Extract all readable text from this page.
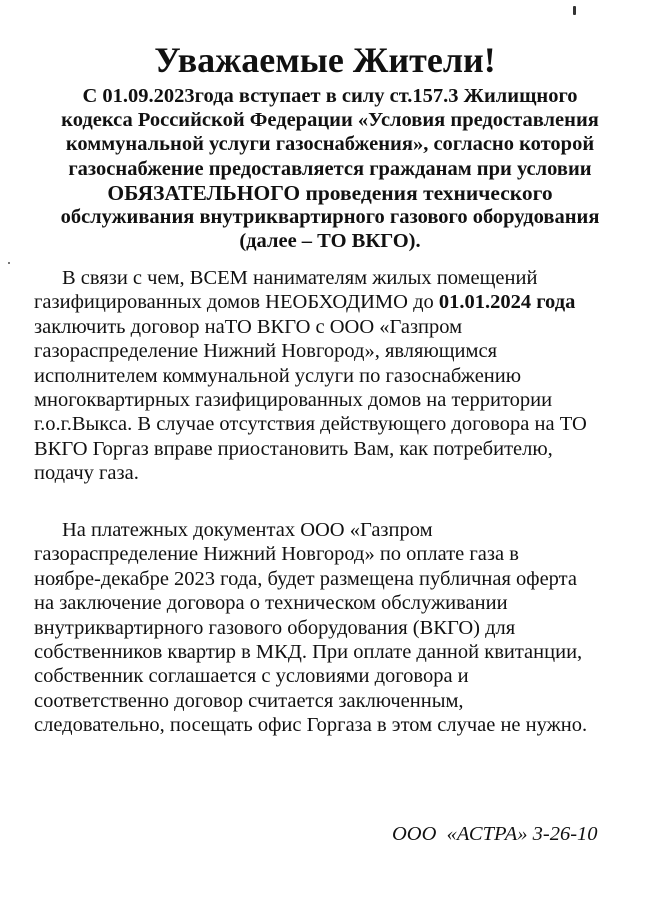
Уважаемые Жители!
С 01.09.2023года вступает в силу ст.157.3 Жилищного
кодекса Российской Федерации «Условия предоставления
коммунальной услуги газоснабжения», согласно которой
газоснабжение предоставляется гражданам при условии
ОБЯЗАТЕЛЬНОГО проведения технического
обслуживания внутриквартирного газового оборудования
(далее – ТО ВКГО).
В связи с чем, ВСЕМ нанимателям жилых помещений
газифицированных домов НЕОБХОДИМО до 01.01.2024 года
заключить договор наТО ВКГО с ООО «Газпром
газораспределение Нижний Новгород», являющимся
исполнителем коммунальной услуги по газоснабжению
многоквартирных газифицированных домов на территории
г.о.г.Выкса. В случае отсутствия действующего договора на ТО
ВКГО Горгаз вправе приостановить Вам, как потребителю,
подачу газа.
На платежных документах ООО «Газпром
газораспределение Нижний Новгород» по оплате газа в
ноябре-декабре 2023 года, будет размещена публичная оферта
на заключение договора о техническом обслуживании
внутриквартирного газового оборудования (ВКГО) для
собственников квартир в МКД. При оплате данной квитанции,
собственник соглашается с условиями договора и
соответственно договор считается заключенным,
следовательно, посещать офис Горгаза в этом случае не нужно.
ООО  «АСТРА» 3-26-10
